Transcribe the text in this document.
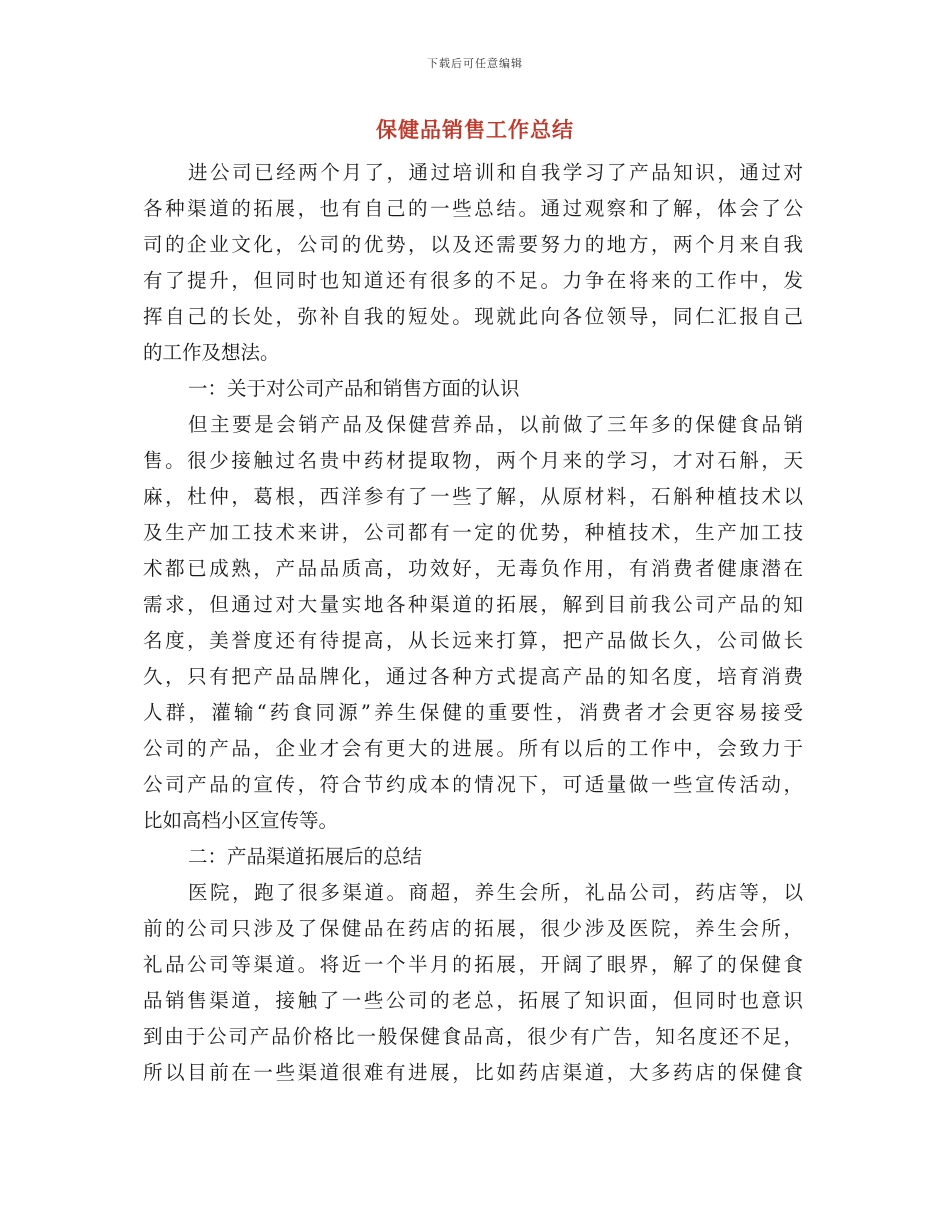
下载后可任意编辑
保健品销售工作总结
进公司已经两个月了，通过培训和自我学习了产品知识，通过对
各种渠道的拓展，也有自己的一些总结。通过观察和了解，体会了公
司的企业文化，公司的优势，以及还需要努力的地方，两个月来自我
有了提升，但同时也知道还有很多的不足。力争在将来的工作中，发
挥自己的长处，弥补自我的短处。现就此向各位领导，同仁汇报自己
的工作及想法。
一：关于对公司产品和销售方面的认识
但主要是会销产品及保健营养品，以前做了三年多的保健食品销
售。很少接触过名贵中药材提取物，两个月来的学习，才对石斛，天
麻，杜仲，葛根，西洋参有了一些了解，从原材料，石斛种植技术以
及生产加工技术来讲，公司都有一定的优势，种植技术，生产加工技
术都已成熟，产品品质高，功效好，无毒负作用，有消费者健康潜在
需求，但通过对大量实地各种渠道的拓展，解到目前我公司产品的知
名度，美誉度还有待提高，从长远来打算，把产品做长久，公司做长
久，只有把产品品牌化，通过各种方式提高产品的知名度，培育消费
人群，灌输“药食同源”养生保健的重要性，消费者才会更容易接受
公司的产品，企业才会有更大的进展。所有以后的工作中，会致力于
公司产品的宣传，符合节约成本的情况下，可适量做一些宣传活动，
比如高档小区宣传等。
二：产品渠道拓展后的总结
医院，跑了很多渠道。商超，养生会所，礼品公司，药店等，以
前的公司只涉及了保健品在药店的拓展，很少涉及医院，养生会所，
礼品公司等渠道。将近一个半月的拓展，开阔了眼界，解了的保健食
品销售渠道，接触了一些公司的老总，拓展了知识面，但同时也意识
到由于公司产品价格比一般保健食品高，很少有广告，知名度还不足，
所以目前在一些渠道很难有进展，比如药店渠道，大多药店的保健食
